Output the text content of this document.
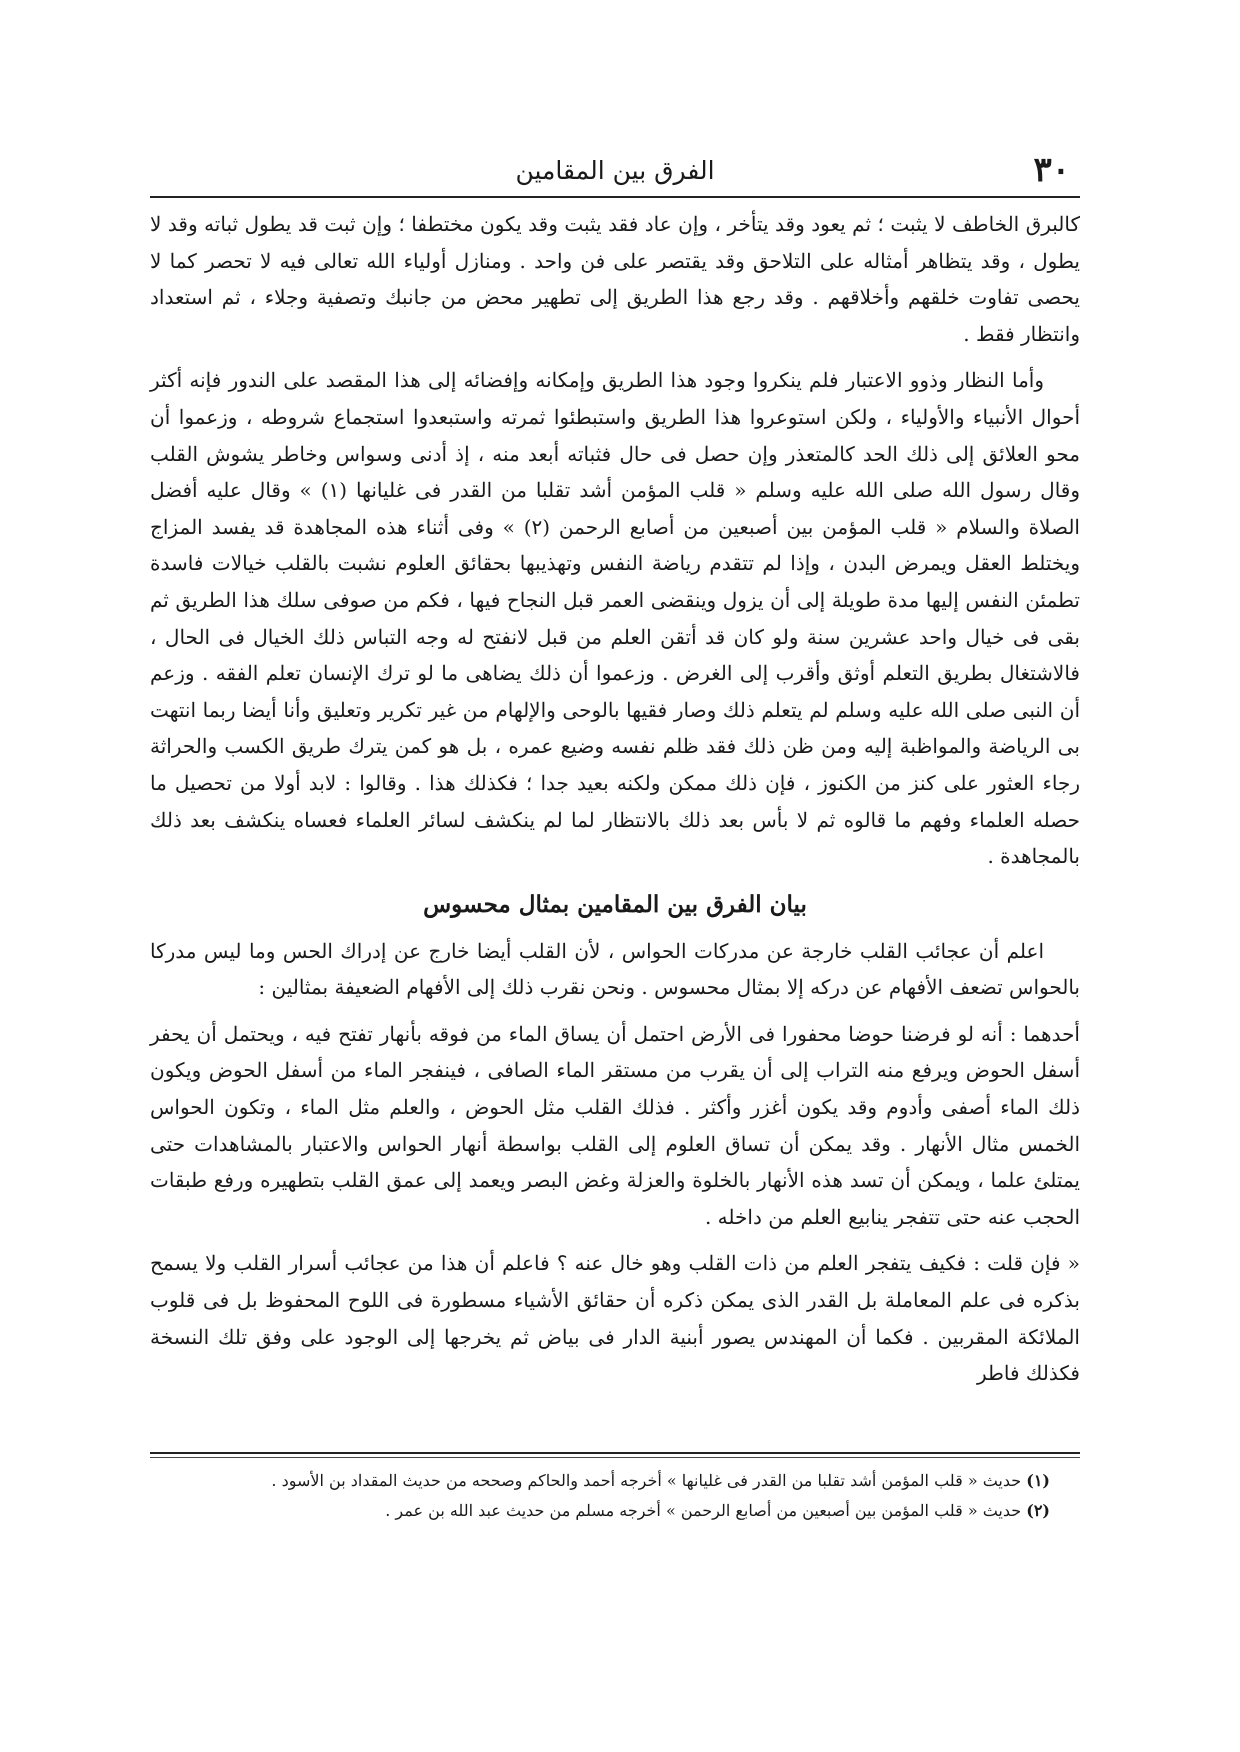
٣٠
الفرق بين المقامين

كالبرق الخاطف لا يثبت ؛ ثم يعود وقد يتأخر ، وإن عاد فقد يثبت وقد يكون مختطفا ؛ وإن ثبت قد يطول ثباته وقد لا يطول ، وقد يتظاهر أمثاله على التلاحق وقد يقتصر على فن واحد . ومنازل أولياء الله تعالى فيه لا تحصر كما لا يحصى تفاوت خلقهم وأخلاقهم . وقد رجع هذا الطريق إلى تطهير محض من جانبك وتصفية وجلاء ، ثم استعداد وانتظار فقط .

وأما النظار وذوو الاعتبار فلم ينكروا وجود هذا الطريق وإمكانه وإفضائه إلى هذا المقصد على الندور فإنه أكثر أحوال الأنبياء والأولياء ، ولكن استوعروا هذا الطريق واستبطئوا ثمرته واستبعدوا استجماع شروطه ، وزعموا أن محو العلائق إلى ذلك الحد كالمتعذر وإن حصل فى حال فثباته أبعد منه ، إذ أدنى وسواس وخاطر يشوش القلب وقال رسول الله صلى الله عليه وسلم « قلب المؤمن أشد تقلبا من القدر فى غليانها (١) » وقال عليه أفضل الصلاة والسلام « قلب المؤمن بين أصبعين من أصابع الرحمن (٢) » وفى أثناء هذه المجاهدة قد يفسد المزاج ويختلط العقل ويمرض البدن ، وإذا لم تتقدم رياضة النفس وتهذيبها بحقائق العلوم نشبت بالقلب خيالات فاسدة تطمئن النفس إليها مدة طويلة إلى أن يزول وينقضى العمر قبل النجاح فيها ، فكم من صوفى سلك هذا الطريق ثم بقى فى خيال واحد عشرين سنة ولو كان قد أتقن العلم من قبل لانفتح له وجه التباس ذلك الخيال فى الحال ، فالاشتغال بطريق التعلم أوثق وأقرب إلى الغرض . وزعموا أن ذلك يضاهى ما لو ترك الإنسان تعلم الفقه . وزعم أن النبى صلى الله عليه وسلم لم يتعلم ذلك وصار فقيها بالوحى والإلهام من غير تكرير وتعليق وأنا أيضا ربما انتهت بى الرياضة والمواظبة إليه ومن ظن ذلك فقد ظلم نفسه وضيع عمره ، بل هو كمن يترك طريق الكسب والحراثة رجاء العثور على كنز من الكنوز ، فإن ذلك ممكن ولكنه بعيد جدا ؛ فكذلك هذا . وقالوا : لابد أولا من تحصيل ما حصله العلماء وفهم ما قالوه ثم لا بأس بعد ذلك بالانتظار لما لم ينكشف لسائر العلماء فعساه ينكشف بعد ذلك بالمجاهدة .

بيان الفرق بين المقامين بمثال محسوس

اعلم أن عجائب القلب خارجة عن مدركات الحواس ، لأن القلب أيضا خارج عن إدراك الحس وما ليس مدركا بالحواس تضعف الأفهام عن دركه إلا بمثال محسوس . ونحن نقرب ذلك إلى الأفهام الضعيفة بمثالين :

أحدهما : أنه لو فرضنا حوضا محفورا فى الأرض احتمل أن يساق الماء من فوقه بأنهار تفتح فيه ، ويحتمل أن يحفر أسفل الحوض ويرفع منه التراب إلى أن يقرب من مستقر الماء الصافى ، فينفجر الماء من أسفل الحوض ويكون ذلك الماء أصفى وأدوم وقد يكون أغزر وأكثر . فذلك القلب مثل الحوض ، والعلم مثل الماء ، وتكون الحواس الخمس مثال الأنهار . وقد يمكن أن تساق العلوم إلى القلب بواسطة أنهار الحواس والاعتبار بالمشاهدات حتى يمتلئ علما ، ويمكن أن تسد هذه الأنهار بالخلوة والعزلة وغض البصر ويعمد إلى عمق القلب بتطهيره ورفع طبقات الحجب عنه حتى تتفجر ينابيع العلم من داخله .

« فإن قلت : فكيف يتفجر العلم من ذات القلب وهو خال عنه ؟ فاعلم أن هذا من عجائب أسرار القلب ولا يسمح بذكره فى علم المعاملة بل القدر الذى يمكن ذكره أن حقائق الأشياء مسطورة فى اللوح المحفوظ بل فى قلوب الملائكة المقربين . فكما أن المهندس يصور أبنية الدار فى بياض ثم يخرجها إلى الوجود على وفق تلك النسخة فكذلك فاطر

(١) حديث « قلب المؤمن أشد تقلبا من القدر فى غليانها » أخرجه أحمد والحاكم وصححه من حديث المقداد بن الأسود .
(٢) حديث « قلب المؤمن بين أصبعين من أصابع الرحمن » أخرجه مسلم من حديث عبد الله بن عمر .
